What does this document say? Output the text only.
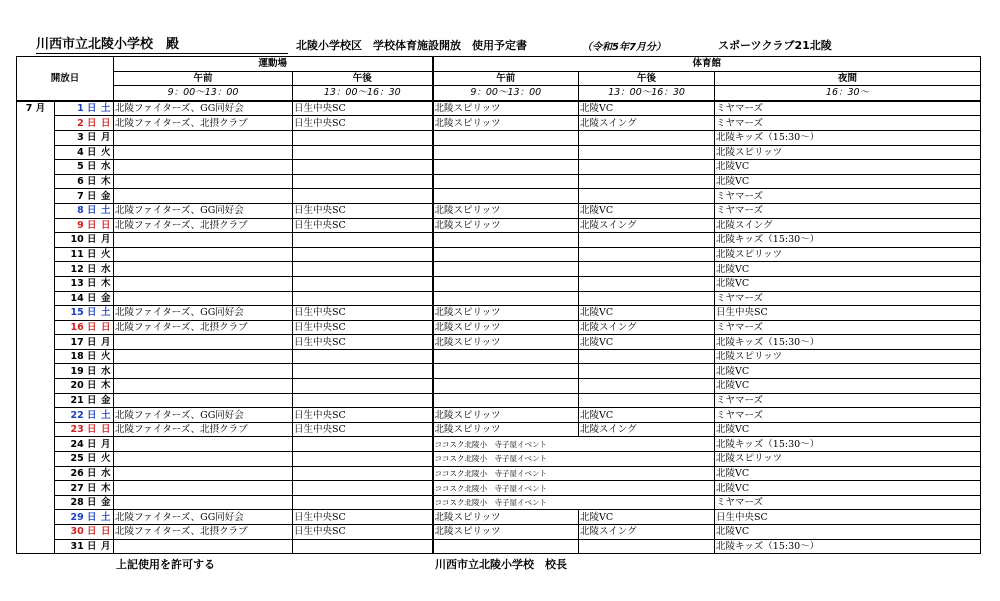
川西市立北陵小学校　殿	北陵小学校区　学校体育施設開放　使用予定書	（令和5年7月分）	スポーツクラブ21北陵
開放日			運動場		体育館		
			午前	午後	午前	午後	夜間
			9：00～13：00	13：00～16：30	9：00～13：00	13：00～16：30	16：30～
7 月	1 日	土	北陵ファイターズ、GG同好会	日生中央SC	北陵スピリッツ	北陵VC	ミヤマーズ
	2 日	日	北陵ファイターズ、北摂クラブ	日生中央SC	北陵スピリッツ	北陵スイング	ミヤマーズ
	3 日	月					北陵キッズ（15:30～）
	4 日	火					北陵スピリッツ
	5 日	水					北陵VC
	6 日	木					北陵VC
	7 日	金					ミヤマーズ
	8 日	土	北陵ファイターズ、GG同好会	日生中央SC	北陵スピリッツ	北陵VC	ミヤマーズ
	9 日	日	北陵ファイターズ、北摂クラブ	日生中央SC	北陵スピリッツ	北陵スイング	北陵スイング
	10 日	月					北陵キッズ（15:30～）
	11 日	火					北陵スピリッツ
	12 日	水					北陵VC
	13 日	木					北陵VC
	14 日	金					ミヤマーズ
	15 日	土	北陵ファイターズ、GG同好会	日生中央SC	北陵スピリッツ	北陵VC	日生中央SC
	16 日	日	北陵ファイターズ、北摂クラブ	日生中央SC	北陵スピリッツ	北陵スイング	ミヤマーズ
	17 日	月		日生中央SC	北陵スピリッツ	北陵VC	北陵キッズ（15:30～）
	18 日	火					北陵スピリッツ
	19 日	水					北陵VC
	20 日	木					北陵VC
	21 日	金					ミヤマーズ
	22 日	土	北陵ファイターズ、GG同好会	日生中央SC	北陵スピリッツ	北陵VC	ミヤマーズ
	23 日	日	北陵ファイターズ、北摂クラブ	日生中央SC	北陵スピリッツ	北陵スイング	北陵VC
	24 日	月			ココスク北陵小　寺子屋イベント		北陵キッズ（15:30～）
	25 日	火			ココスク北陵小　寺子屋イベント		北陵スピリッツ
	26 日	水			ココスク北陵小　寺子屋イベント		北陵VC
	27 日	木			ココスク北陵小　寺子屋イベント		北陵VC
	28 日	金			ココスク北陵小　寺子屋イベント		ミヤマーズ
	29 日	土	北陵ファイターズ、GG同好会	日生中央SC	北陵スピリッツ	北陵VC	日生中央SC
	30 日	日	北陵ファイターズ、北摂クラブ	日生中央SC	北陵スピリッツ	北陵スイング	北陵VC
	31 日	月					北陵キッズ（15:30～）
上記使用を許可する	川西市立北陵小学校　校長
